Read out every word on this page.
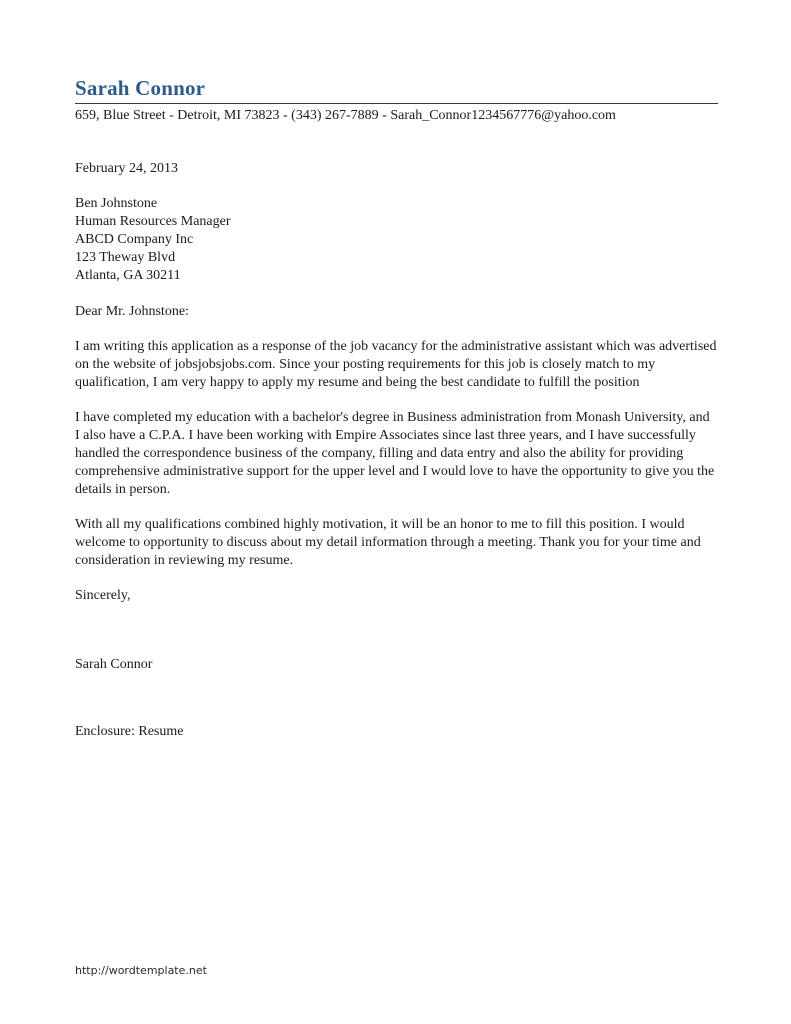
Sarah Connor
659, Blue Street - Detroit, MI 73823 - (343) 267-7889 - Sarah_Connor1234567776@yahoo.com
February 24, 2013
Ben Johnstone
Human Resources Manager
ABCD Company Inc
123 Theway Blvd
Atlanta, GA 30211
Dear Mr. Johnstone:

I am writing this application as a response of the job vacancy for the administrative assistant which was advertised on the website of jobsjobsjobs.com. Since your posting requirements for this job is closely match to my qualification, I am very happy to apply my resume and being the best candidate to fulfill the position

I have completed my education with a bachelor's degree in Business administration from Monash University, and I also have a C.P.A. I have been working with Empire Associates since last three years, and I have successfully handled the correspondence business of the company, filling and data entry and also the ability for providing comprehensive administrative support for the upper level and I would love to have the opportunity to give you the details in person.

With all my qualifications combined highly motivation, it will be an honor to me to fill this position. I would welcome to opportunity to discuss about my detail information through a meeting. Thank you for your time and consideration in reviewing my resume.

Sincerely,
Sarah Connor
Enclosure: Resume
http://wordtemplate.net
